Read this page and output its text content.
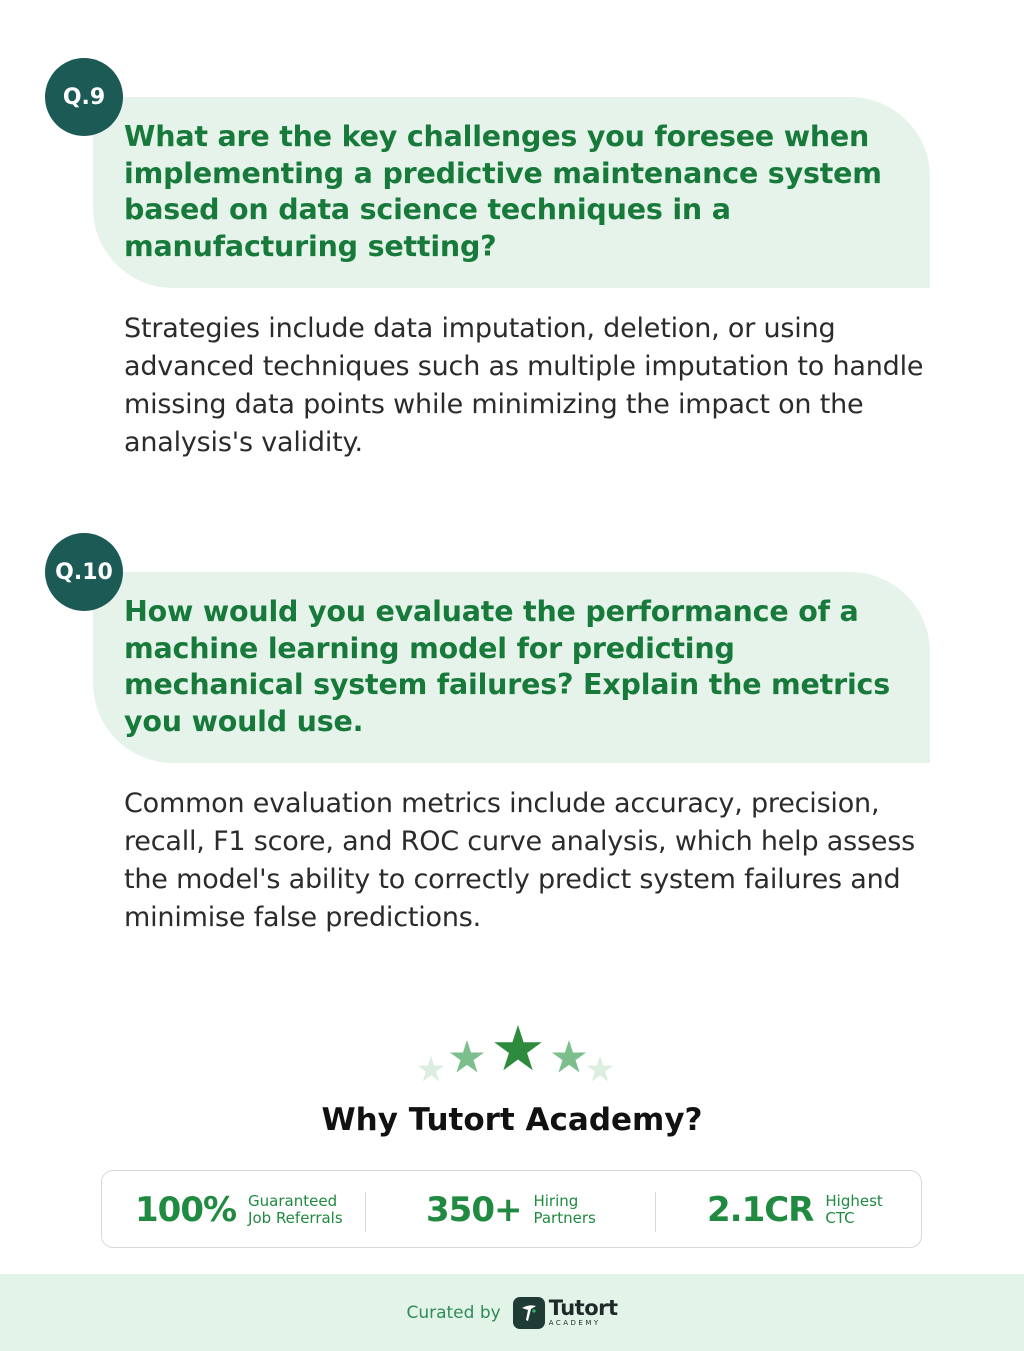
Q.9

What are the key challenges you foresee when implementing a predictive maintenance system based on data science techniques in a manufacturing setting?

Strategies include data imputation, deletion, or using advanced techniques such as multiple imputation to handle missing data points while minimizing the impact on the analysis's validity.

Q.10

How would you evaluate the performance of a machine learning model for predicting mechanical system failures? Explain the metrics you would use.

Common evaluation metrics include accuracy, precision, recall, F1 score, and ROC curve analysis, which help assess the model's ability to correctly predict system failures and minimise false predictions.

Why Tutort Academy?
100% Guaranteed
Job Referrals 350+ Hiring
Partners	2.1CR Highest
CTC
Curated by Tutort
ACADEMY
